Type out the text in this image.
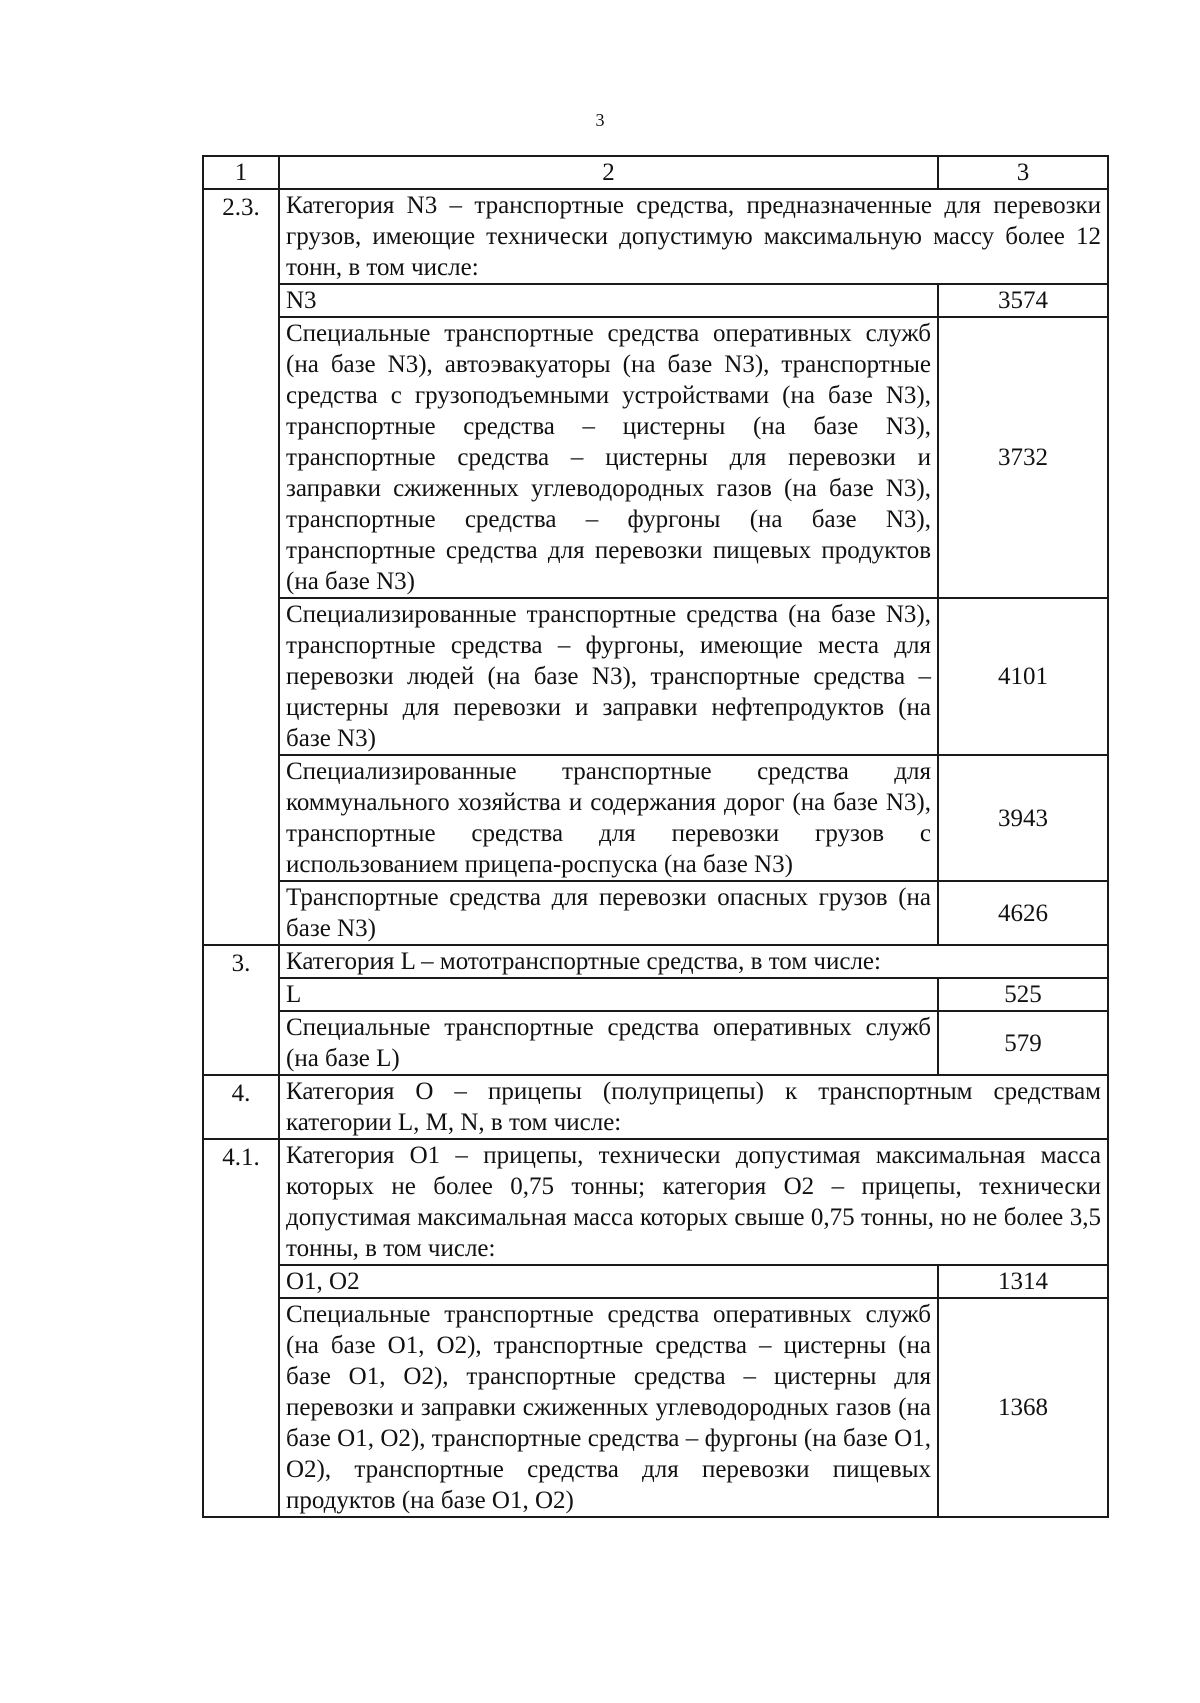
3
1	2	3
2.3.	Категория N3 – транспортные средства, предназначенные для перевозки грузов, имеющие технически допустимую максимальную массу более 12 тонн, в том числе:	
	N3	3574
	Специальные транспортные средства оперативных служб (на базе N3), автоэвакуаторы (на базе N3), транспортные средства с грузоподъемными устройствами (на базе N3), транспортные средства – цистерны (на базе N3), транспортные средства – цистерны для перевозки и заправки сжиженных углеводородных газов (на базе N3), транспортные средства – фургоны (на базе N3), транспортные средства для перевозки пищевых продуктов (на базе N3)	3732
	Специализированные транспортные средства (на базе N3), транспортные средства – фургоны, имеющие места для перевозки людей (на базе N3), транспортные средства – цистерны для перевозки и заправки нефтепродуктов (на базе N3)	4101
	Специализированные транспортные средства для коммунального хозяйства и содержания дорог (на базе N3), транспортные средства для перевозки грузов с использованием прицепа-роспуска (на базе N3)	3943
	Транспортные средства для перевозки опасных грузов (на базе N3)	4626
3.	Категория L – мототранспортные средства, в том числе:	
	L	525
	Специальные транспортные средства оперативных служб (на базе L)	579
4.	Категория O – прицепы (полуприцепы) к транспортным средствам категории L, M, N, в том числе:	
4.1.	Категория O1 – прицепы, технически допустимая максимальная масса которых не более 0,75 тонны; категория O2 – прицепы, технически допустимая максимальная масса которых свыше 0,75 тонны, но не более 3,5 тонны, в том числе:	
	O1, O2	1314
	Специальные транспортные средства оперативных служб (на базе O1, O2), транспортные средства – цистерны (на базе O1, O2), транспортные средства – цистерны для перевозки и заправки сжиженных углеводородных газов (на базе O1, O2), транспортные средства – фургоны (на базе O1, O2), транспортные средства для перевозки пищевых продуктов (на базе O1, O2)	1368
